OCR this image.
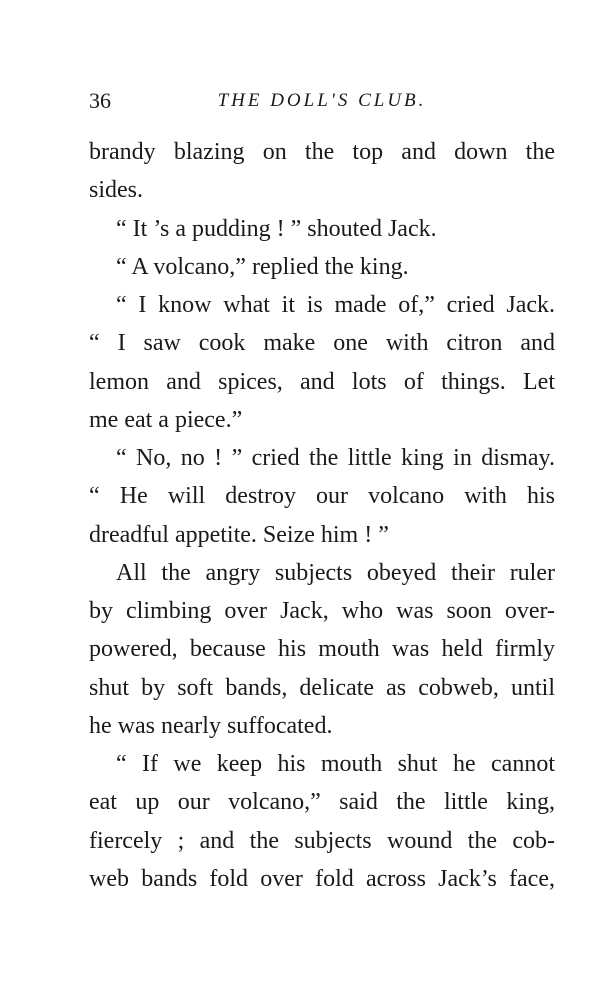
36	THE DOLL'S CLUB.
brandy blazing on the top and down the
sides.
“ It ’s a pudding ! ” shouted Jack.
“ A volcano,” replied the king.
“ I know what it is made of,” cried Jack.
“ I saw cook make one with citron and
lemon and spices, and lots of things. Let
me eat a piece.”
“ No, no ! ” cried the little king in dismay.
“ He will destroy our volcano with his
dreadful appetite. Seize him ! ”
All the angry subjects obeyed their ruler
by climbing over Jack, who was soon over-
powered, because his mouth was held firmly
shut by soft bands, delicate as cobweb, until
he was nearly suffocated.
“ If we keep his mouth shut he cannot
eat up our volcano,” said the little king,
fiercely ; and the subjects wound the cob-
web bands fold over fold across Jack’s face,
